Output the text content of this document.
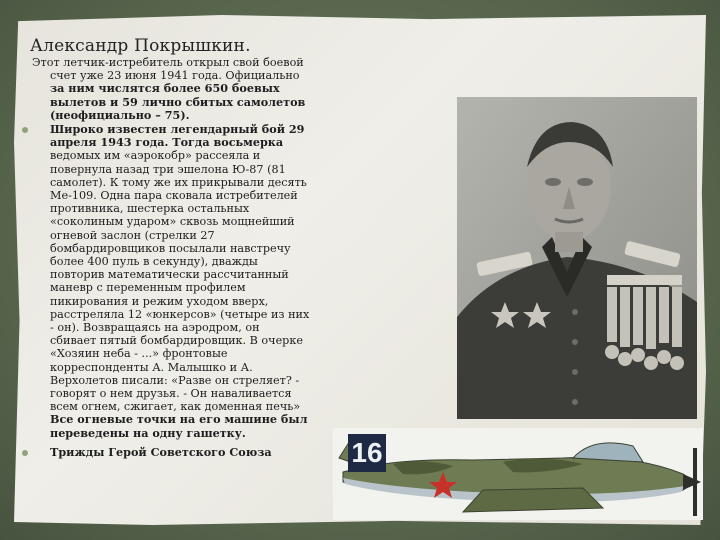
Александр Покрышкин.
Этот летчик-истребитель открыл свой боевой
счет уже 23 июня 1941 года. Официально
за ним числятся более 650 боевых
вылетов и 59 лично сбитых самолетов
(неофициально – 75).
Широко известен легендарный бой 29
апреля 1943 года. Тогда восьмерка
ведомых им «аэрокобр» рассеяла и
повернула назад три эшелона Ю-87 (81
самолет). К тому же их прикрывали десять
Ме-109. Одна пара сковала истребителей
противника, шестерка остальных
«соколиным ударом» сквозь мощнейший
огневой заслон (стрелки 27
бомбардировщиков посылали навстречу
более 400 пуль в секунду), дважды
повторив математически рассчитанный
маневр с переменным профилем
пикирования и режим уходом вверх,
расстреляла 12 «юнкерсов» (четыре из них
- он). Возвращаясь на аэродром, он
сбивает пятый бомбардировщик. В очерке
«Хозяин неба - ...» фронтовые
корреспонденты А. Малышко и А.
Верхолетов писали: «Разве он стреляет? -
говорят о нем друзья. - Он наваливается
всем огнем, сжигает, как доменная печь»
Все огневые точки на его машине был
переведены на одну гашетку.
Трижды Герой Советского Союза	16
